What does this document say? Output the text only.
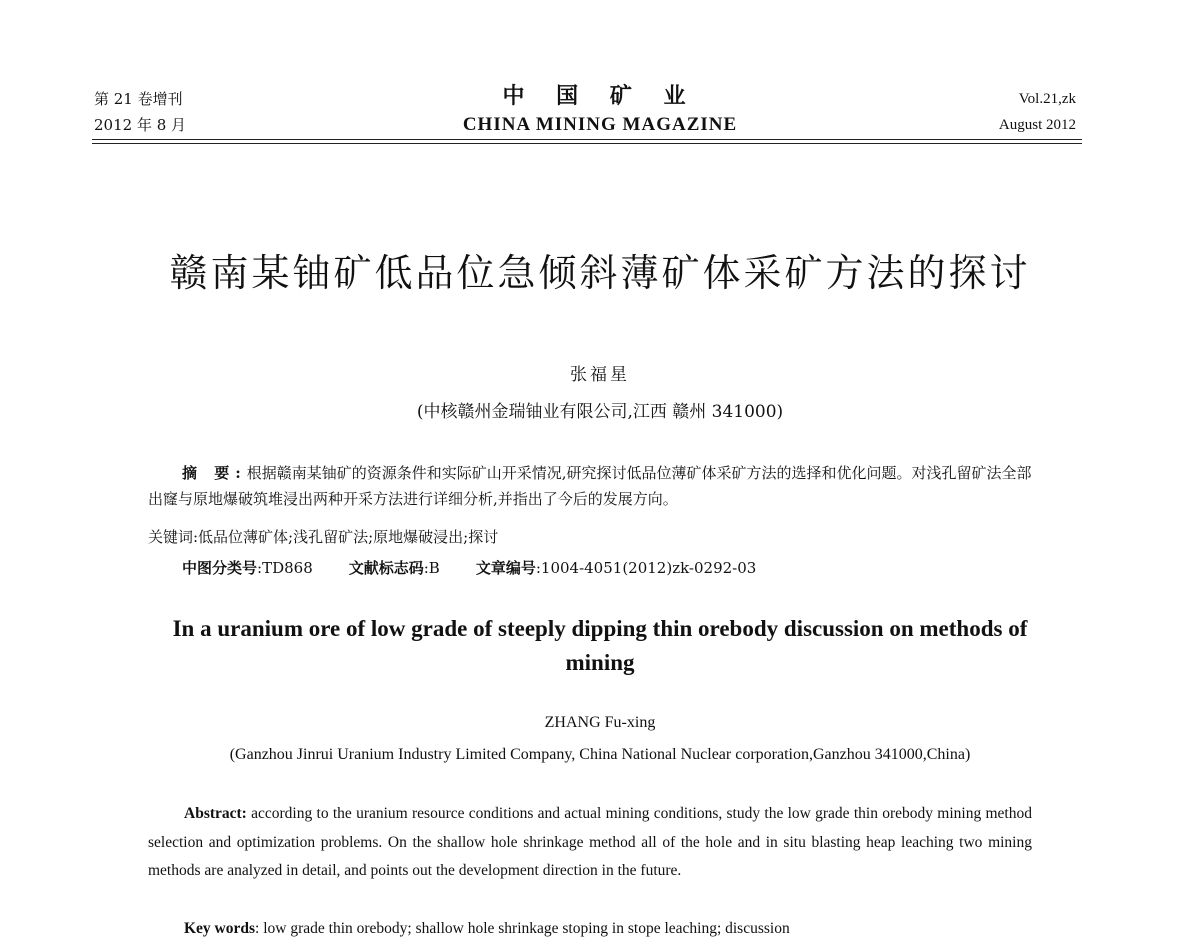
第 21 卷增刊
2012 年 8 月
中 国 矿 业
CHINA MINING MAGAZINE
Vol.21,zk
August 2012
赣南某铀矿低品位急倾斜薄矿体采矿方法的探讨
张福星
(中核赣州金瑞铀业有限公司,江西 赣州 341000)
摘 要:根据赣南某铀矿的资源条件和实际矿山开采情况,研究探讨低品位薄矿体采矿方法的选择和优化问题。对浅孔留矿法全部出窿与原地爆破筑堆浸出两种开采方法进行详细分析,并指出了今后的发展方向。
关键词:低品位薄矿体;浅孔留矿法;原地爆破浸出;探讨
中图分类号:TD868 文献标志码:B 文章编号:1004-4051(2012)zk-0292-03
In a uranium ore of low grade of steeply dipping thin orebody discussion on methods of mining
ZHANG Fu-xing
(Ganzhou Jinrui Uranium Industry Limited Company, China National Nuclear corporation,Ganzhou 341000,China)
Abstract: according to the uranium resource conditions and actual mining conditions, study the low grade thin orebody mining method selection and optimization problems. On the shallow hole shrinkage method all of the hole and in situ blasting heap leaching two mining methods are analyzed in detail, and points out the development direction in the future.
Key words: low grade thin orebody; shallow hole shrinkage stoping in stope leaching; discussion
